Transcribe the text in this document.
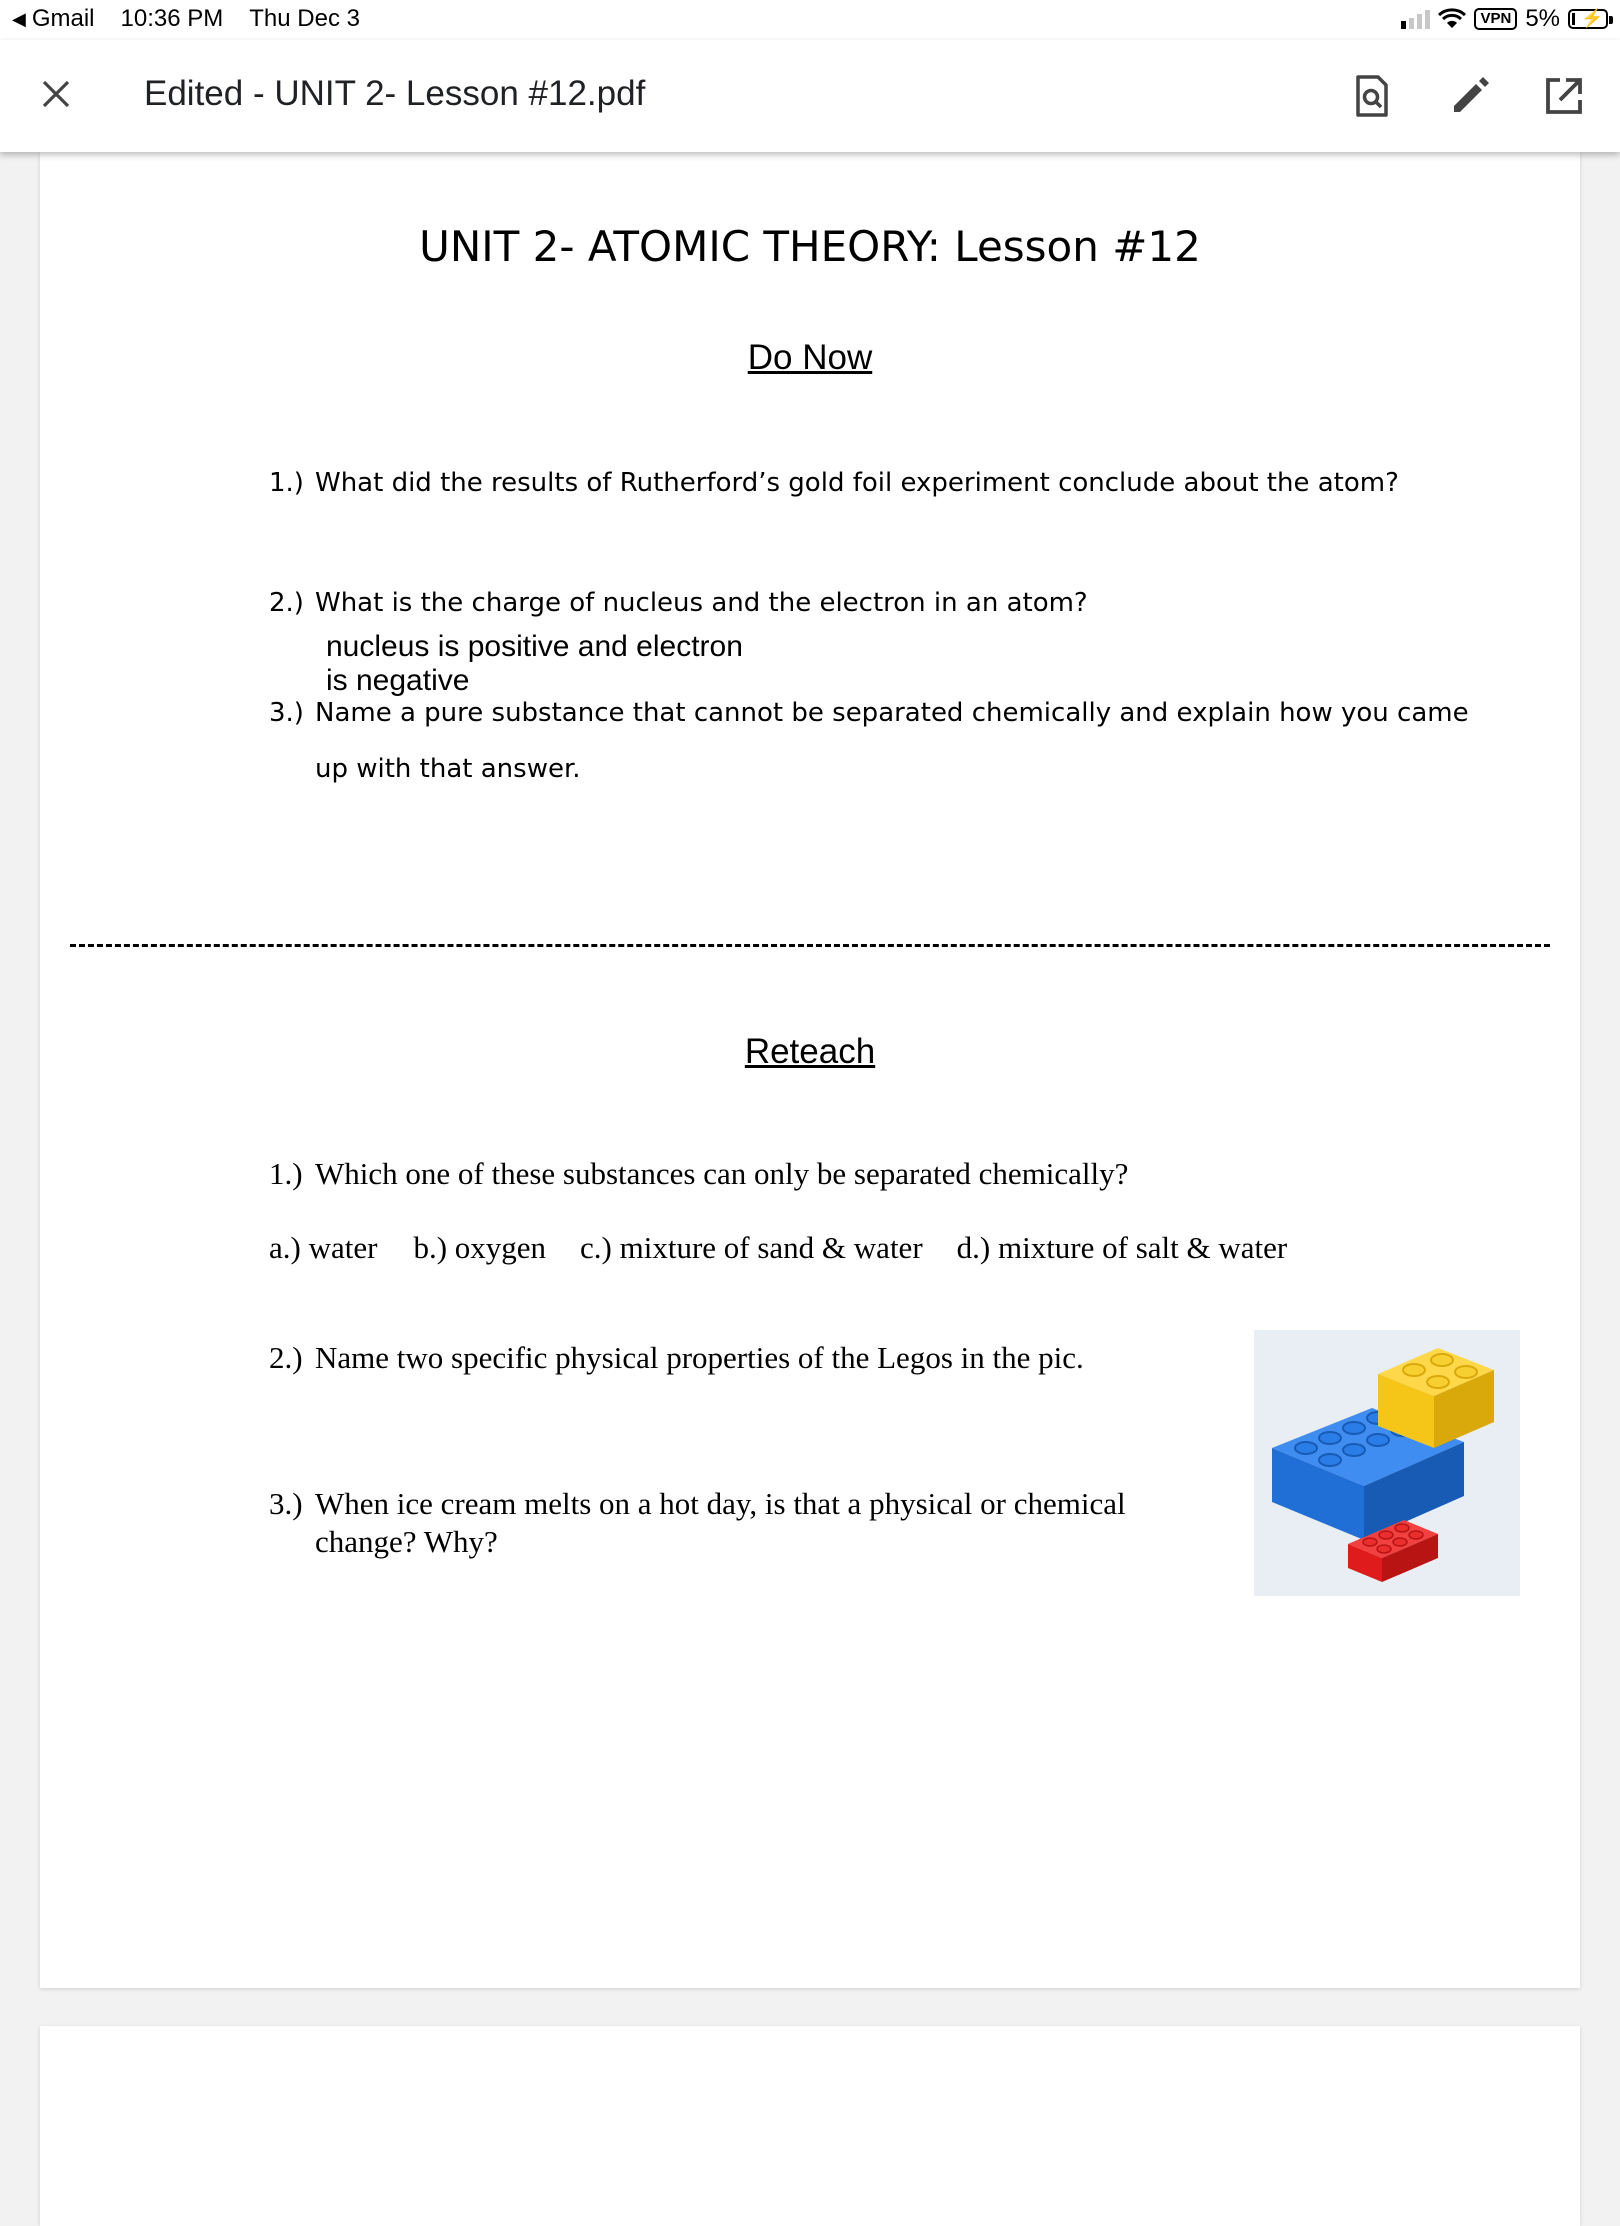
◀ Gmail 10:36 PM Thu Dec 3	VPN 5% ⚡
Edited - UNIT 2- Lesson #12.pdf
UNIT 2- ATOMIC THEORY: Lesson #12
Do Now
1.) What did the results of Rutherford’s gold foil experiment conclude about the atom?
2.) What is the charge of nucleus and the electron in an atom?
nucleus is positive and electron
is negative
3.) Name a pure substance that cannot be separated chemically and explain how you came
up with that answer.
Reteach
1.) Which one of these substances can only be separated chemically?
a.) water b.) oxygen c.) mixture of sand & water d.) mixture of salt & water
2.) Name two specific physical properties of the Legos in the pic.
3.) When ice cream melts on a hot day, is that a physical or chemical
change? Why?
